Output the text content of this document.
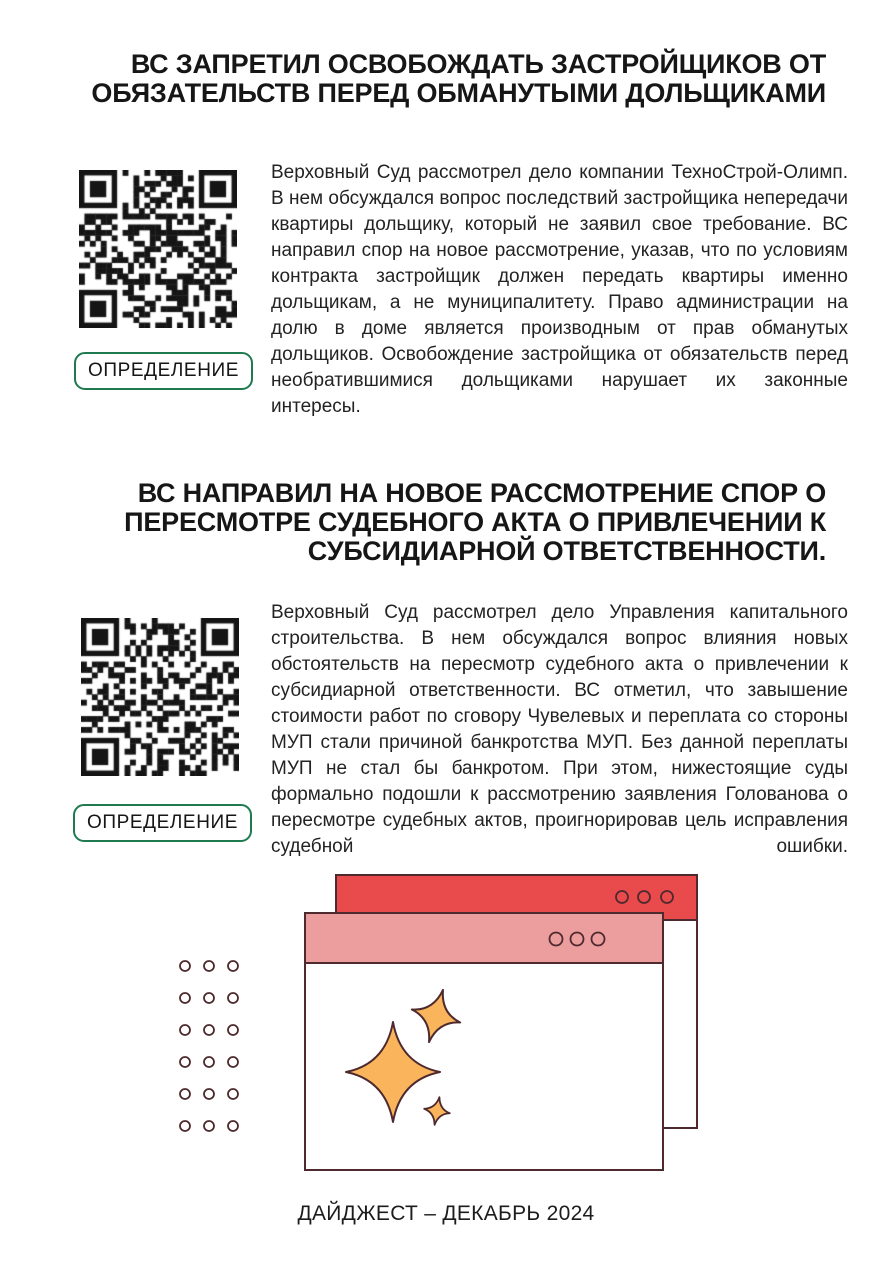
ВС ЗАПРЕТИЛ ОСВОБОЖДАТЬ ЗАСТРОЙЩИКОВ ОТ ОБЯЗАТЕЛЬСТВ ПЕРЕД ОБМАНУТЫМИ ДОЛЬЩИКАМИ
ОПРЕДЕЛЕНИЕ

Верховный Суд рассмотрел дело компании ТехноСтрой-Олимп. В нем обсуждался вопрос последствий застройщика непередачи квартиры дольщику, который не заявил свое требование. ВС направил спор на новое рассмотрение, указав, что по условиям контракта застройщик должен передать квартиры именно дольщикам, а не муниципалитету. Право администрации на долю в доме является производным от прав обманутых дольщиков. Освобождение застройщика от обязательств перед необратившимися дольщиками нарушает их законные интересы.

ВС НАПРАВИЛ НА НОВОЕ РАССМОТРЕНИЕ СПОР О ПЕРЕСМОТРЕ СУДЕБНОГО АКТА О ПРИВЛЕЧЕНИИ К СУБСИДИАРНОЙ ОТВЕТСТВЕННОСТИ.
ОПРЕДЕЛЕНИЕ

Верховный Суд рассмотрел дело Управления капитального строительства. В нем обсуждался вопрос влияния новых обстоятельств на пересмотр судебного акта о привлечении к субсидиарной ответственности. ВС отметил, что завышение стоимости работ по сговору Чувелевых и переплата со стороны МУП стали причиной банкротства МУП. Без данной переплаты МУП не стал бы банкротом. При этом, нижестоящие суды формально подошли к рассмотрению заявления Голованова о пересмотре судебных актов, проигнорировав цель исправления судебной ошибки.

ДАЙДЖЕСТ – ДЕКАБРЬ 2024
